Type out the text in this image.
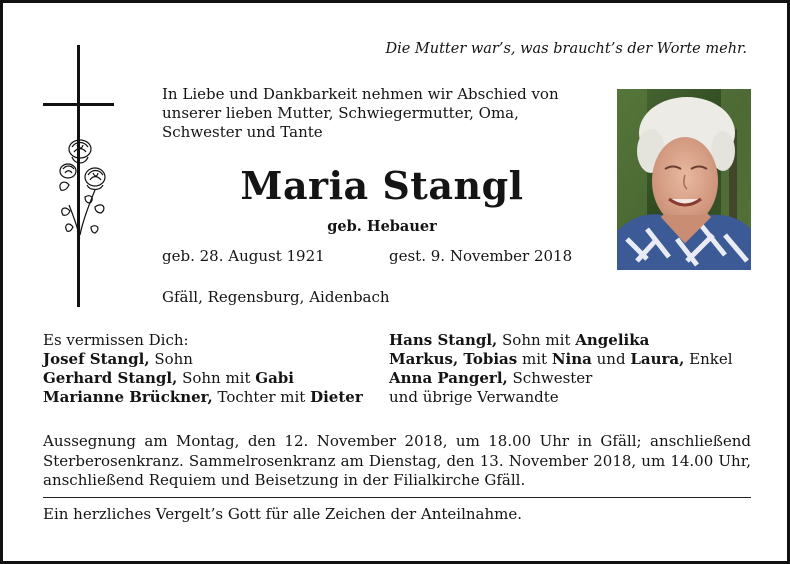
Die Mutter war’s, was braucht’s der Worte mehr.
In Liebe und Dankbarkeit nehmen wir Abschied von unserer lieben Mutter, Schwiegermutter, Oma, Schwester und Tante
Maria Stangl
geb. Hebauer
geb. 28. August 1921	gest. 9. November 2018
Gfäll, Regensburg, Aidenbach
Es vermissen Dich:
Josef Stangl, Sohn
Gerhard Stangl, Sohn mit Gabi
Marianne Brückner, Tochter mit Dieter
Hans Stangl, Sohn mit Angelika
Markus, Tobias mit Nina und Laura, Enkel
Anna Pangerl, Schwester
und übrige Verwandte
Aussegnung am Montag, den 12. November 2018, um 18.00 Uhr in Gfäll; anschließend Sterberosenkranz. Sammelrosenkranz am Dienstag, den 13. November 2018, um 14.00 Uhr, anschließend Requiem und Beisetzung in der Filialkirche Gfäll.
Ein herzliches Vergelt’s Gott für alle Zeichen der Anteilnahme.
